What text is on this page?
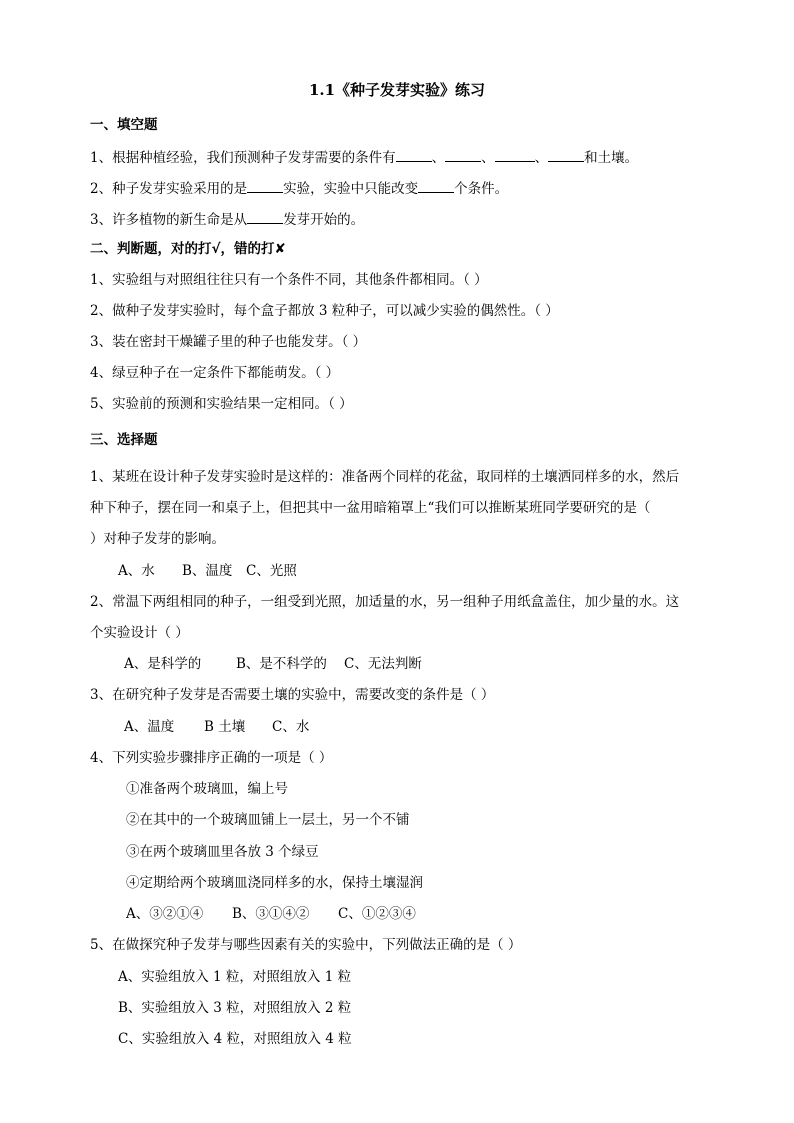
1.1《种子发芽实验》练习
一、填空题
1、根据种植经验，我们预测种子发芽需要的条件有	、	、	、	和土壤。
2、种子发芽实验采用的是	实验，实验中只能改变	个条件。
3、许多植物的新生命是从	发芽开始的。
二、判断题，对的打√，错的打✘
1、实验组与对照组往往只有一个条件不同，其他条件都相同。（ ）
2、做种子发芽实验时，每个盒子都放 3 粒种子，可以减少实验的偶然性。（ ）
3、装在密封干燥罐子里的种子也能发芽。（ ）
4、绿豆种子在一定条件下都能萌发。（ ）
5、实验前的预测和实验结果一定相同。（ ）
三、选择题
1、某班在设计种子发芽实验时是这样的：准备两个同样的花盆，取同样的土壤洒同样多的水，然后
种下种子，摆在同一和桌子上，但把其中一盆用暗箱罩上“我们可以推断某班同学要研究的是（
）对种子发芽的影响。
A、水 B、温度 C、光照
2、常温下两组相同的种子，一组受到光照，加适量的水，另一组种子用纸盒盖住，加少量的水。这
个实验设计（ ）
A、是科学的	B、是不科学的 C、无法判断
3、在研究种子发芽是否需要土壤的实验中，需要改变的条件是（ ）
A、温度 B 土壤 C、水
4、下列实验步骤排序正确的一项是（ ）
①准备两个玻璃皿，编上号
②在其中的一个玻璃皿铺上一层土，另一个不铺
③在两个玻璃皿里各放 3 个绿豆
④定期给两个玻璃皿浇同样多的水，保持土壤湿润
A、③②①④ B、③①④② C、①②③④
5、在做探究种子发芽与哪些因素有关的实验中，下列做法正确的是（ ）
A、实验组放入 1 粒，对照组放入 1 粒
B、实验组放入 3 粒，对照组放入 2 粒
C、实验组放入 4 粒，对照组放入 4 粒
